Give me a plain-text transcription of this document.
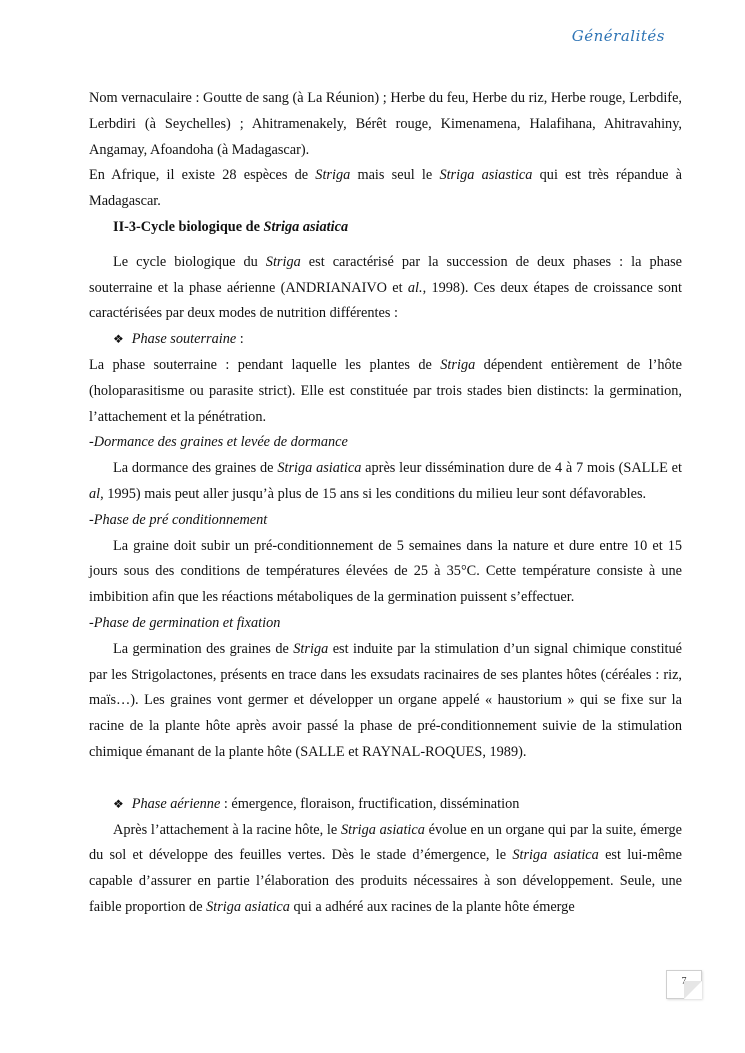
Généralités

Nom vernaculaire : Goutte de sang (à La Réunion) ; Herbe du feu, Herbe du riz, Herbe rouge, Lerbdife, Lerbdiri (à Seychelles) ; Ahitramenakely, Bérêt rouge, Kimenamena, Halafihana, Ahitravahiny, Angamay, Afoandoha (à Madagascar).

En Afrique, il existe 28 espèces de Striga mais seul le Striga asiastica qui est très répandue à Madagascar.

II-3-Cycle biologique de Striga asiatica

Le cycle biologique du Striga est caractérisé par la succession de deux phases : la phase souterraine et la phase aérienne (ANDRIANAIVO et al., 1998). Ces deux étapes de croissance sont caractérisées par deux modes de nutrition différentes :

❖ Phase souterraine :

La phase souterraine : pendant laquelle les plantes de Striga dépendent entièrement de l’hôte (holoparasitisme ou parasite strict). Elle est constituée par trois stades bien distincts: la germination, l’attachement et la pénétration.

-Dormance des graines et levée de dormance

La dormance des graines de Striga asiatica après leur dissémination dure de 4 à 7 mois (SALLE et al, 1995) mais peut aller jusqu’à plus de 15 ans si les conditions du milieu leur sont défavorables.

-Phase de pré conditionnement

La graine doit subir un pré-conditionnement de 5 semaines dans la nature et dure entre 10 et 15 jours sous des conditions de températures élevées de 25 à 35°C. Cette température consiste à une imbibition afin que les réactions métaboliques de la germination puissent s’effectuer.

-Phase de germination et fixation

La germination des graines de Striga est induite par la stimulation d’un signal chimique constitué par les Strigolactones, présents en trace dans les exsudats racinaires de ses plantes hôtes (céréales : riz, maïs…). Les graines vont germer et développer un organe appelé « haustorium » qui se fixe sur la racine de la plante hôte après avoir passé la phase de pré-conditionnement suivie de la stimulation chimique émanant de la plante hôte (SALLE et RAYNAL-ROQUES, 1989).

❖ Phase aérienne : émergence, floraison, fructification, dissémination

Après l’attachement à la racine hôte, le Striga asiatica évolue en un organe qui par la suite, émerge du sol et développe des feuilles vertes. Dès le stade d’émergence, le Striga asiatica est lui-même capable d’assurer en partie l’élaboration des produits nécessaires à son développement. Seule, une faible proportion de Striga asiatica qui a adhéré aux racines de la plante hôte émerge

7
